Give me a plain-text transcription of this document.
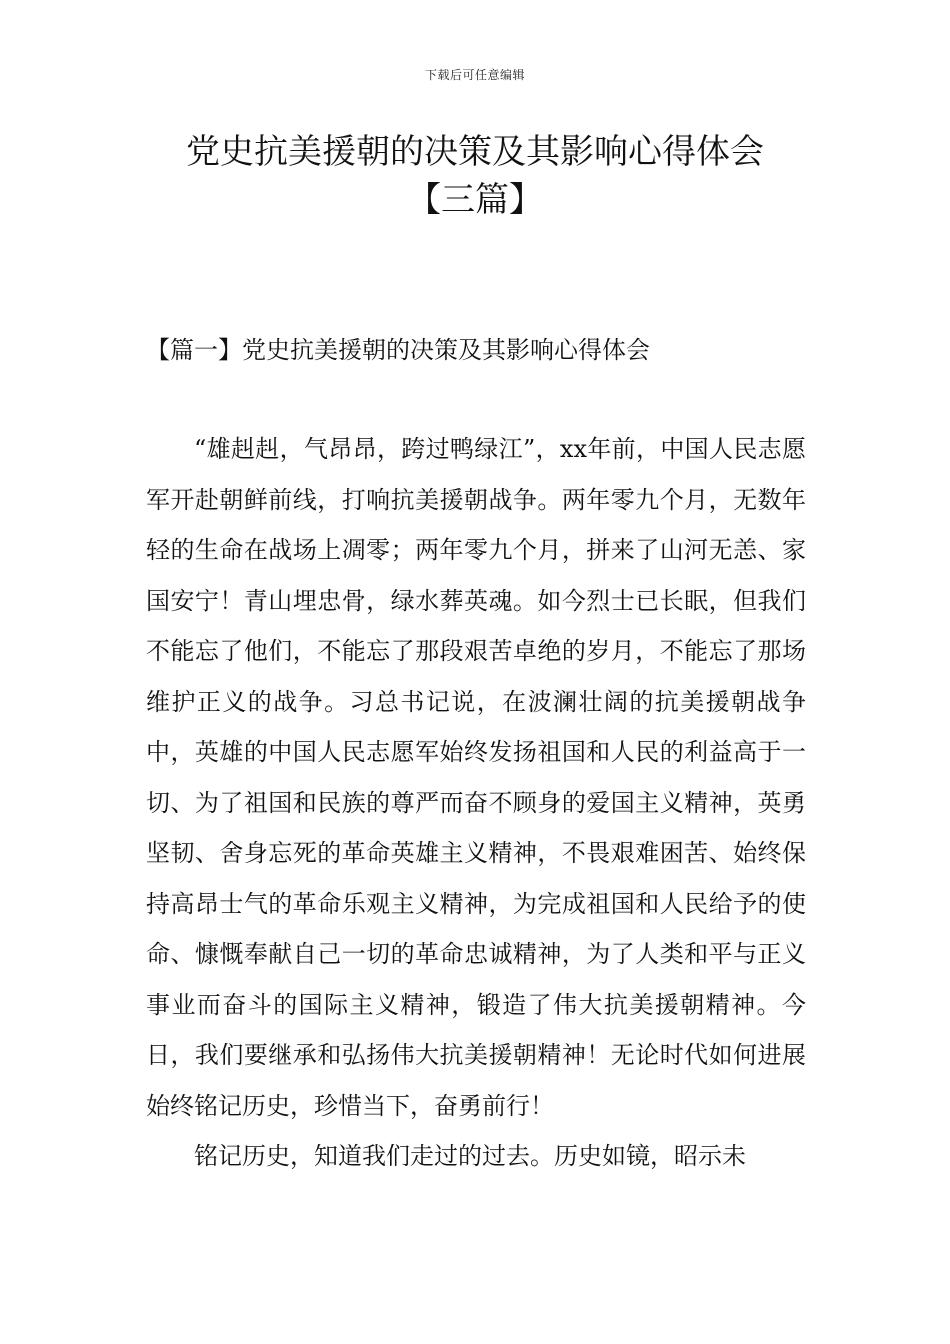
下载后可任意编辑
党史抗美援朝的决策及其影响心得体会
【三篇】
【篇一】党史抗美援朝的决策及其影响心得体会

“雄赳赳，气昂昂，跨过鸭绿江”，xx年前，中国人民志愿军开赴朝鲜前线，打响抗美援朝战争。两年零九个月，无数年轻的生命在战场上凋零；两年零九个月，拼来了山河无恙、家国安宁！青山埋忠骨，绿水葬英魂。如今烈士已长眠，但我们不能忘了他们，不能忘了那段艰苦卓绝的岁月，不能忘了那场维护正义的战争。习总书记说，在波澜壮阔的抗美援朝战争中，英雄的中国人民志愿军始终发扬祖国和人民的利益高于一切、为了祖国和民族的尊严而奋不顾身的爱国主义精神，英勇坚韧、舍身忘死的革命英雄主义精神，不畏艰难困苦、始终保持高昂士气的革命乐观主义精神，为完成祖国和人民给予的使命、慷慨奉献自己一切的革命忠诚精神，为了人类和平与正义事业而奋斗的国际主义精神，锻造了伟大抗美援朝精神。今日，我们要继承和弘扬伟大抗美援朝精神！无论时代如何进展始终铭记历史，珍惜当下，奋勇前行！

铭记历史，知道我们走过的过去。历史如镜，昭示未
